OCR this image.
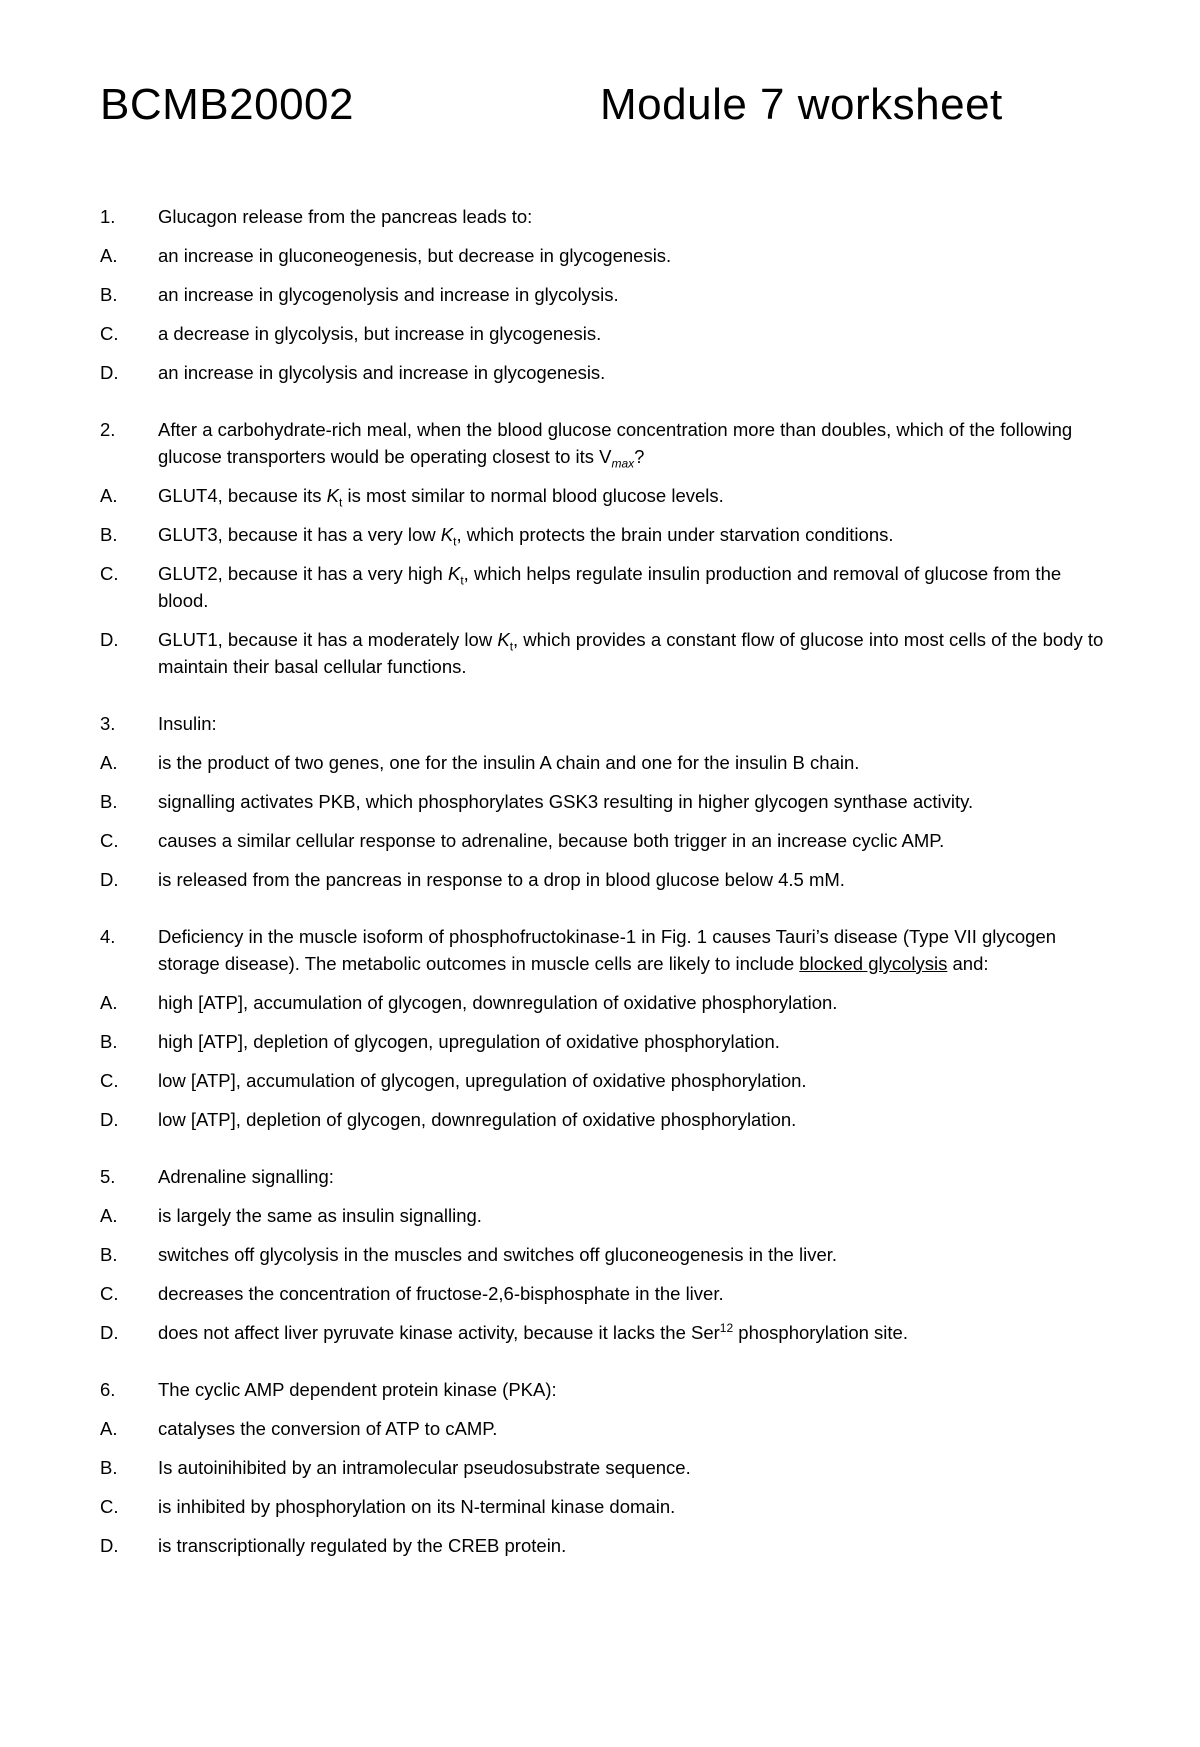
BCMB20002	Module 7 worksheet
1.	Glucagon release from the pancreas leads to:
A.	an increase in gluconeogenesis, but decrease in glycogenesis.
B.	an increase in glycogenolysis and increase in glycolysis.
C.	a decrease in glycolysis, but increase in glycogenesis.
D.	an increase in glycolysis and increase in glycogenesis.
2.	After a carbohydrate-rich meal, when the blood glucose concentration more than doubles, which of the following glucose transporters would be operating closest to its $V_{max}$?
A.	GLUT4, because its $K_t$ is most similar to normal blood glucose levels.
B.	GLUT3, because it has a very low $K_t$, which protects the brain under starvation conditions.
C.	GLUT2, because it has a very high $K_t$, which helps regulate insulin production and removal of glucose from the blood.
D.	GLUT1, because it has a moderately low $K_t$, which provides a constant flow of glucose into most cells of the body to maintain their basal cellular functions.
3.	Insulin:
A.	is the product of two genes, one for the insulin A chain and one for the insulin B chain.
B.	signalling activates PKB, which phosphorylates GSK3 resulting in higher glycogen synthase activity.
C.	causes a similar cellular response to adrenaline, because both trigger in an increase cyclic AMP.
D.	is released from the pancreas in response to a drop in blood glucose below 4.5 mM.
4.	Deficiency in the muscle isoform of phosphofructokinase-1 in Fig. 1 causes Tauri’s disease (Type VII glycogen storage disease). The metabolic outcomes in muscle cells are likely to include blocked glycolysis and:
A.	high [ATP], accumulation of glycogen, downregulation of oxidative phosphorylation.
B.	high [ATP], depletion of glycogen, upregulation of oxidative phosphorylation.
C.	low [ATP], accumulation of glycogen, upregulation of oxidative phosphorylation.
D.	low [ATP], depletion of glycogen, downregulation of oxidative phosphorylation.
5.	Adrenaline signalling:
A.	is largely the same as insulin signalling.
B.	switches off glycolysis in the muscles and switches off gluconeogenesis in the liver.
C.	decreases the concentration of fructose-2,6-bisphosphate in the liver.
D.	does not affect liver pyruvate kinase activity, because it lacks the Ser$^{12}$ phosphorylation site.
6.	The cyclic AMP dependent protein kinase (PKA):
A.	catalyses the conversion of ATP to cAMP.
B.	Is autoinihibited by an intramolecular pseudosubstrate sequence.
C.	is inhibited by phosphorylation on its N-terminal kinase domain.
D.	is transcriptionally regulated by the CREB protein.
